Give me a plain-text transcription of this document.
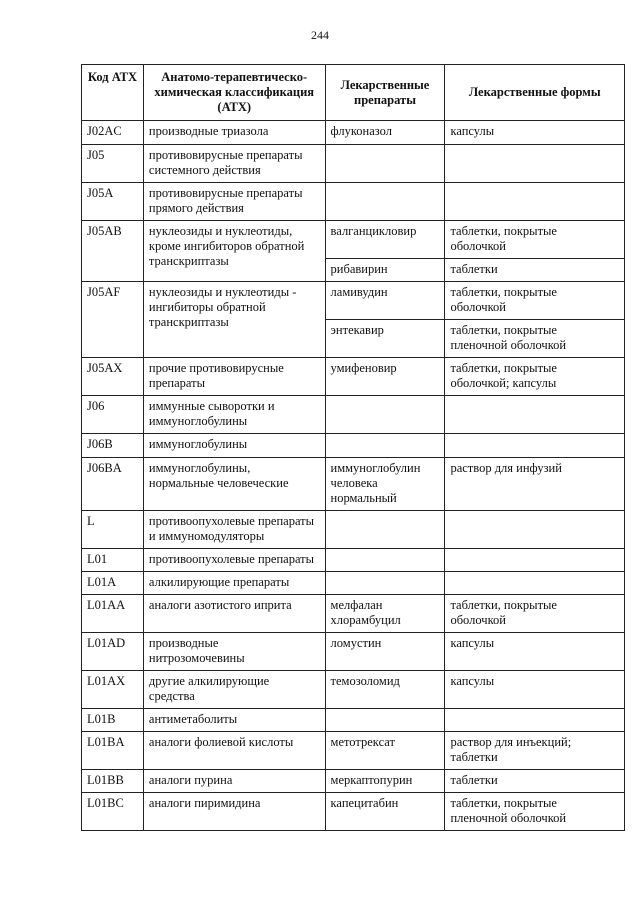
244
Код АТХ	Анатомо-терапевтическо-химическая классификация (АТХ)	Лекарственные препараты	Лекарственные формы
J02AC	производные триазола	флуконазол	капсулы
J05	противовирусные препараты
системного действия		
J05A	противовирусные препараты
прямого действия		
J05AB	нуклеозиды и нуклеотиды,
кроме ингибиторов обратной
транскриптазы	валганцикловир	таблетки, покрытые
оболочкой
		рибавирин	таблетки
J05AF	нуклеозиды и нуклеотиды -
ингибиторы обратной
транскриптазы	ламивудин	таблетки, покрытые
оболочкой
		энтекавир	таблетки, покрытые
пленочной оболочкой
J05AX	прочие противовирусные
препараты	умифеновир	таблетки, покрытые
оболочкой; капсулы
J06	иммунные сыворотки и
иммуноглобулины		
J06B	иммуноглобулины		
J06BA	иммуноглобулины,
нормальные человеческие	иммуноглобулин
человека
нормальный	раствор для инфузий
L	противоопухолевые препараты
и иммуномодуляторы		
L01	противоопухолевые препараты		
L01A	алкилирующие препараты		
L01AA	аналоги азотистого иприта	мелфалан
хлорамбуцил	таблетки, покрытые
оболочкой
L01AD	производные
нитрозомочевины	ломустин	капсулы
L01AX	другие алкилирующие
средства	темозоломид	капсулы
L01B	антиметаболиты		
L01BA	аналоги фолиевой кислоты	метотрексат	раствор для инъекций;
таблетки
L01BB	аналоги пурина	меркаптопурин	таблетки
L01BC	аналоги пиримидина	капецитабин	таблетки, покрытые
пленочной оболочкой
